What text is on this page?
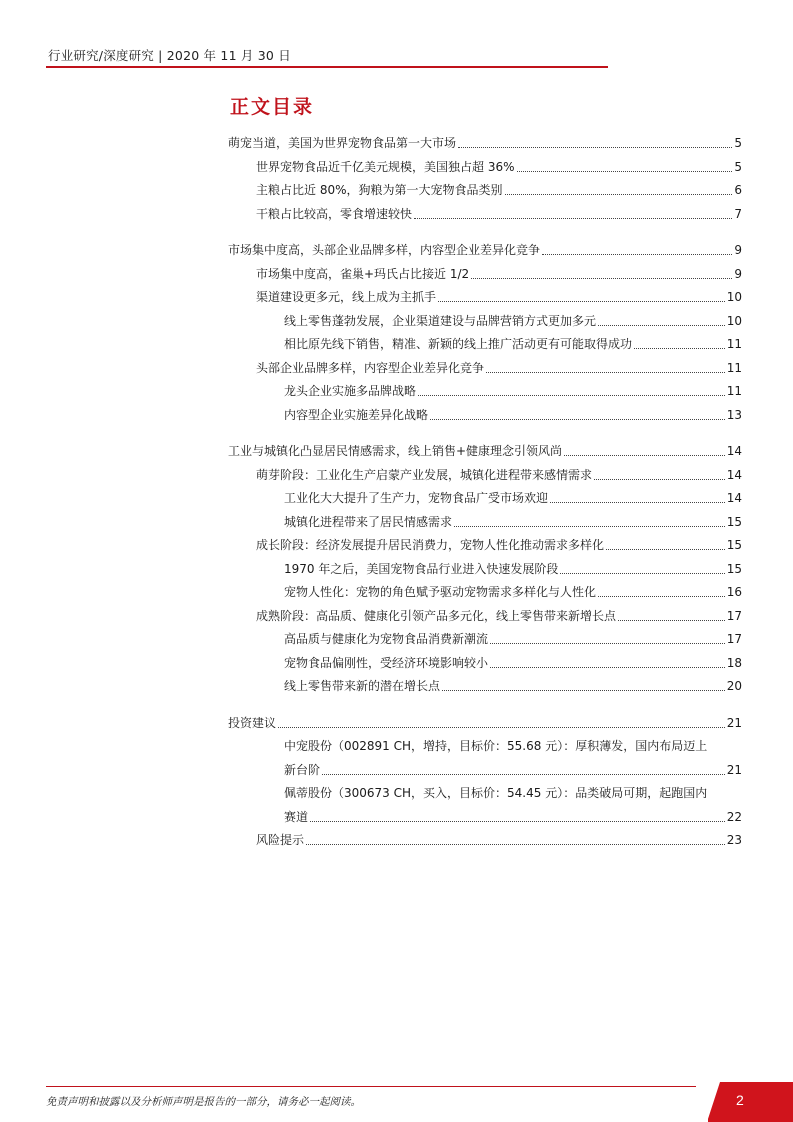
行业研究/深度研究 | 2020 年 11 月 30 日
正文目录
萌宠当道，美国为世界宠物食品第一大市场	5
世界宠物食品近千亿美元规模，美国独占超 36%	5
主粮占比近 80%，狗粮为第一大宠物食品类别	6
干粮占比较高，零食增速较快	7
市场集中度高，头部企业品牌多样，内容型企业差异化竞争	9
市场集中度高，雀巢+玛氏占比接近 1/2	9
渠道建设更多元，线上成为主抓手	10
线上零售蓬勃发展，企业渠道建设与品牌营销方式更加多元	10
相比原先线下销售，精准、新颖的线上推广活动更有可能取得成功	11
头部企业品牌多样，内容型企业差异化竞争	11
龙头企业实施多品牌战略	11
内容型企业实施差异化战略	13
工业与城镇化凸显居民情感需求，线上销售+健康理念引领风尚	14
萌芽阶段：工业化生产启蒙产业发展，城镇化进程带来感情需求	14
工业化大大提升了生产力，宠物食品广受市场欢迎	14
城镇化进程带来了居民情感需求	15
成长阶段：经济发展提升居民消费力，宠物人性化推动需求多样化	15
1970 年之后，美国宠物食品行业进入快速发展阶段	15
宠物人性化：宠物的角色赋予驱动宠物需求多样化与人性化	16
成熟阶段：高品质、健康化引领产品多元化，线上零售带来新增长点	17
高品质与健康化为宠物食品消费新潮流	17
宠物食品偏刚性，受经济环境影响较小	18
线上零售带来新的潜在增长点	20
投资建议	21
中宠股份（002891 CH，增持，目标价：55.68 元）：厚积薄发，国内布局迈上
新台阶	21
佩蒂股份（300673 CH，买入，目标价：54.45 元）：品类破局可期，起跑国内
赛道	22
风险提示	23
免责声明和披露以及分析师声明是报告的一部分，请务必一起阅读。	2
